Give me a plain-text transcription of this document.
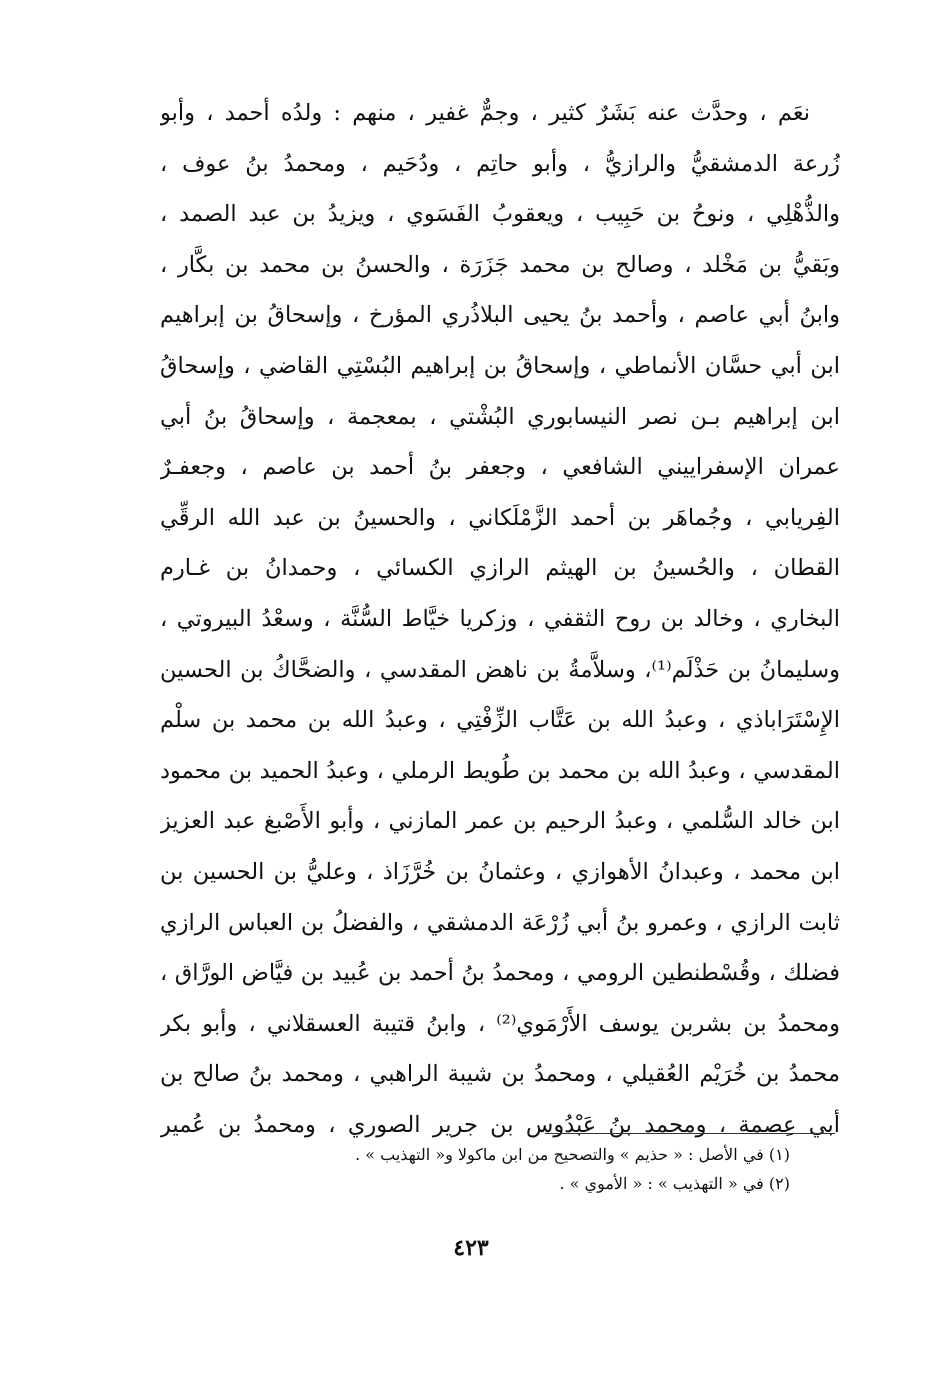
نعَم ، وحدَّث عنه بَشَرٌ كثير ، وجمٌّ غفير ، منهم : ولدُه أحمد ، وأبو
زُرعة الدمشقيُّ والرازيُّ ، وأبو حاتِم ، ودُحَيم ، ومحمدُ بنُ عوف ،
والذُّهْلِي ، ونوحُ بن حَبِيب ، ويعقوبُ الفَسَوي ، ويزيدُ بن عبد الصمد ،
وبَقيُّ بن مَخْلد ، وصالح بن محمد جَزَرَة ، والحسنُ بن محمد بن بكَّار ،
وابنُ أبي عاصم ، وأحمد بنُ يحيى البلاذُري المؤرخ ، وإسحاقُ بن إبراهيم
ابن أبي حسَّان الأنماطي ، وإسحاقُ بن إبراهيم البُسْتِي القاضي ، وإسحاقُ
ابن إبراهيم بـن نصر النيسابوري البُشْتي ، بمعجمة ، وإسحاقُ بنُ أبي
عمران الإسفراييني الشافعي ، وجعفر بنُ أحمد بن عاصم ، وجعفـرٌ
الفِريابي ، وجُماهَر بن أحمد الزَّمْلَكاني ، والحسينُ بن عبد الله الرقِّي
القطان ، والحُسينُ بن الهيثم الرازي الكسائي ، وحمدانُ بن غـارم
البخاري ، وخالد بن روح الثقفي ، وزكريا خيَّاط السُّنَّة ، وسعْدُ البيروتي ،
وسليمانُ بن حَذْلَم⁽¹⁾، وسلاَّمةُ بن ناهض المقدسي ، والضحَّاكُ بن الحسين
الإِسْتَرَاباذي ، وعبدُ الله بن عَتَّاب الزِّفْتِي ، وعبدُ الله بن محمد بن سلْم
المقدسي ، وعبدُ الله بن محمد بن طُويط الرملي ، وعبدُ الحميد بن محمود
ابن خالد السُّلمي ، وعبدُ الرحيم بن عمر المازني ، وأبو الأَصْبغ عبد العزيز
ابن محمد ، وعبدانُ الأهوازي ، وعثمانُ بن خُرَّزَاذ ، وعليُّ بن الحسين بن
ثابت الرازي ، وعمرو بنُ أبي زُرْعَة الدمشقي ، والفضلُ بن العباس الرازي
فضلك ، وقُسْطنطين الرومي ، ومحمدُ بنُ أحمد بن عُبيد بن فيَّاض الورَّاق ،
ومحمدُ بن بشربن يوسف الأَرْمَوي⁽²⁾ ، وابنُ قتيبة العسقلاني ، وأبو بكر
محمدُ بن خُرَيْم العُقيلي ، ومحمدُ بن شيبة الراهبي ، ومحمد بنُ صالح بن
أبي عِصمة ، ومحمد بنُ عَبْدُوس بن جرير الصوري ، ومحمدُ بن عُمير
(١) في الأصل : « حذيم » والتصحيح من ابن ماكولا و« التهذيب » .
(٢) في « التهذيب » : « الأموي » .
٤٢٣
